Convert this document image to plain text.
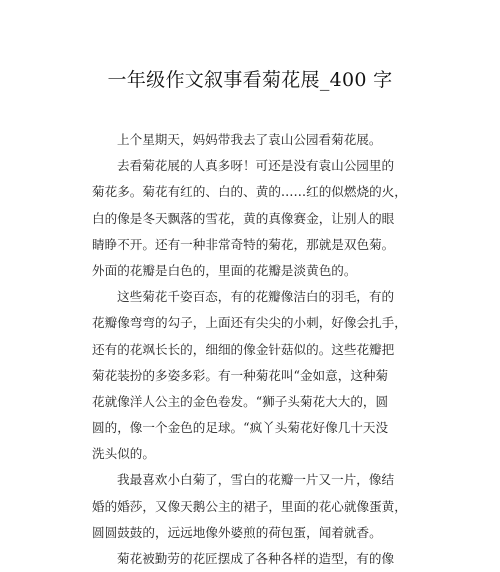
一年级作文叙事看菊花展_400 字
上个星期天，妈妈带我去了袁山公园看菊花展。
去看菊花展的人真多呀！可还是没有袁山公园里的
菊花多。菊花有红的、白的、黄的……红的似燃烧的火，
白的像是冬天飘落的雪花，黄的真像赛金，让别人的眼
睛睁不开。还有一种非常奇特的菊花，那就是双色菊。
外面的花瓣是白色的，里面的花瓣是淡黄色的。
这些菊花千姿百态，有的花瓣像洁白的羽毛，有的
花瓣像弯弯的勾子，上面还有尖尖的小刺，好像会扎手，
还有的花飒长长的，细细的像金针菇似的。这些花瓣把
菊花装扮的多姿多彩。有一种菊花叫“金如意，这种菊
花就像洋人公主的金色卷发。“狮子头菊花大大的，圆
圆的，像一个金色的足球。“疯丫头菊花好像几十天没
洗头似的。
我最喜欢小白菊了，雪白的花瓣一片又一片，像结
婚的婚莎，又像天鹅公主的裙子，里面的花心就像蛋黄，
圆圆鼓鼓的，远远地像外婆煎的荷包蛋，闻着就香。
菊花被勤劳的花匠摆成了各种各样的造型，有的像
